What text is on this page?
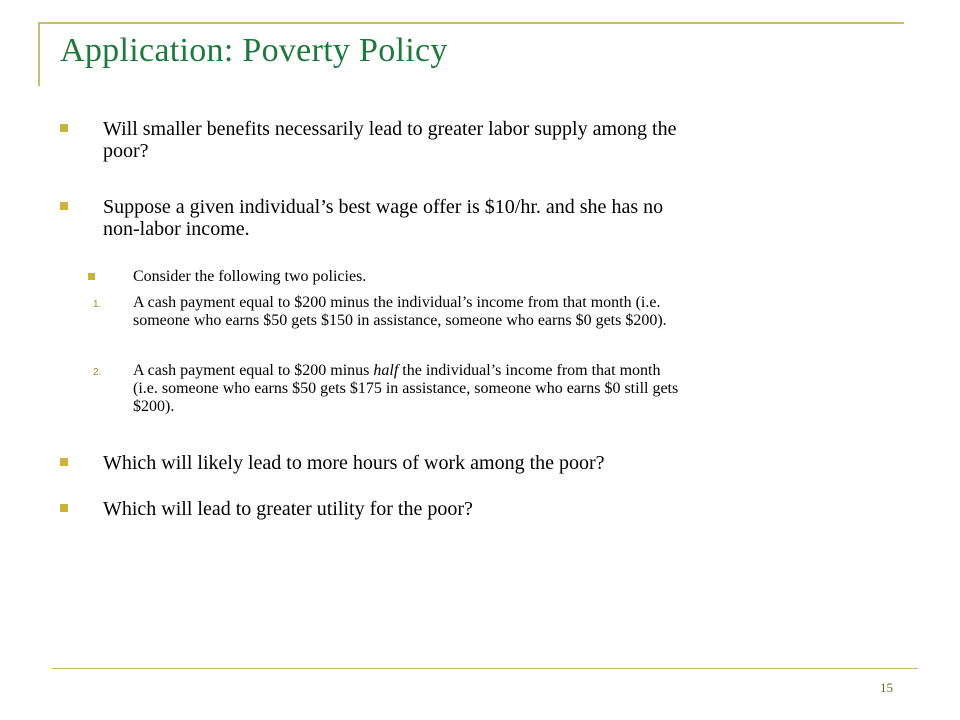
Application: Poverty Policy
Will smaller benefits necessarily lead to greater labor supply among the poor?
Suppose a given individual’s best wage offer is $10/hr. and she has no non-labor income.
Consider the following two policies.
1. A cash payment equal to $200 minus the individual’s income from that month (i.e. someone who earns $50 gets $150 in assistance, someone who earns $0 gets $200).
2. A cash payment equal to $200 minus half the individual’s income from that month (i.e. someone who earns $50 gets $175 in assistance, someone who earns $0 still gets $200).
Which will likely lead to more hours of work among the poor?
Which will lead to greater utility for the poor?
15
